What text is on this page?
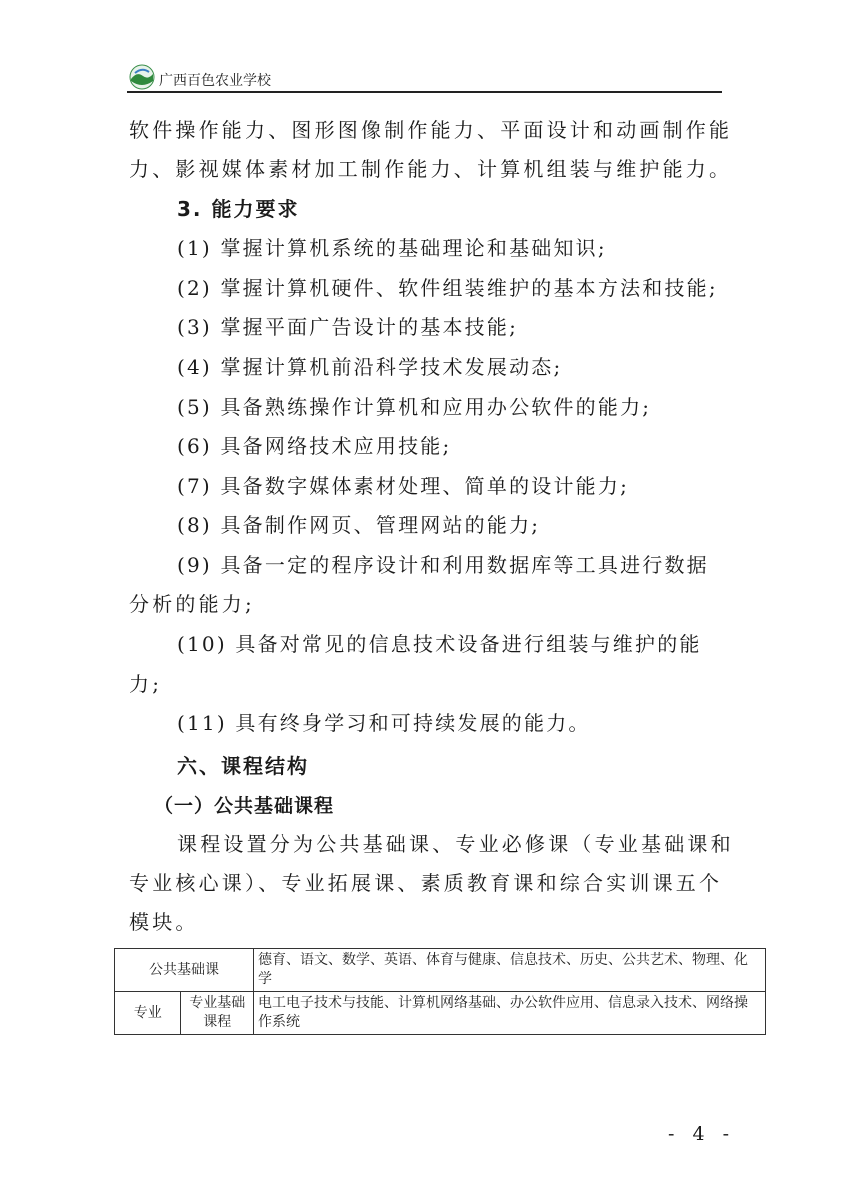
广西百色农业学校
软件操作能力、图形图像制作能力、平面设计和动画制作能
力、影视媒体素材加工制作能力、计算机组装与维护能力。
3. 能力要求
(1) 掌握计算机系统的基础理论和基础知识;
(2) 掌握计算机硬件、软件组装维护的基本方法和技能;
(3) 掌握平面广告设计的基本技能;
(4) 掌握计算机前沿科学技术发展动态;
(5) 具备熟练操作计算机和应用办公软件的能力;
(6) 具备网络技术应用技能;
(7) 具备数字媒体素材处理、简单的设计能力;
(8) 具备制作网页、管理网站的能力;
(9) 具备一定的程序设计和利用数据库等工具进行数据
分析的能力;
(10) 具备对常见的信息技术设备进行组装与维护的能
力;
(11) 具有终身学习和可持续发展的能力。
六、课程结构
（一）公共基础课程
课程设置分为公共基础课、专业必修课（专业基础课和
专业核心课）、专业拓展课、素质教育课和综合实训课五个
模块。
公共基础课		德育、语文、数学、英语、体育与健康、信息技术、历史、公共艺术、物理、化学
专业	专业基础课程	电工电子技术与技能、计算机网络基础、办公软件应用、信息录入技术、网络操作系统
- 4 -
